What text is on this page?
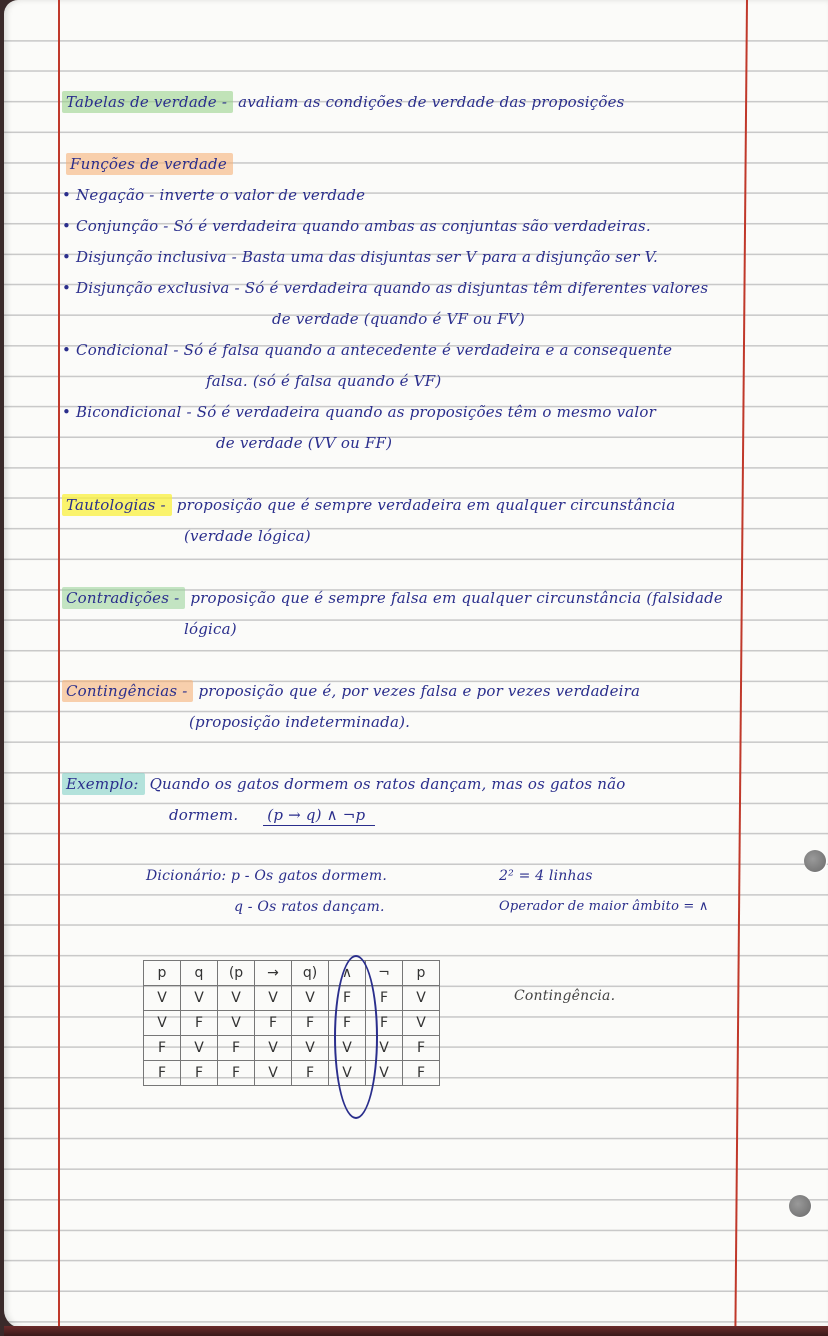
Tabelas de verdade - avaliam as condições de verdade das proposições
Funções de verdade
• Negação - inverte o valor de verdade
• Conjunção - Só é verdadeira quando ambas as conjuntas são verdadeiras.
• Disjunção inclusiva - Basta uma das disjuntas ser V para a disjunção ser V.
• Disjunção exclusiva - Só é verdadeira quando as disjuntas têm diferentes valores
de verdade (quando é VF ou FV)
• Condicional - Só é falsa quando a antecedente é verdadeira e a consequente
falsa. (só é falsa quando é VF)
• Bicondicional - Só é verdadeira quando as proposições têm o mesmo valor
de verdade (VV ou FF)
Tautologias - proposição que é sempre verdadeira em qualquer circunstância
(verdade lógica)
Contradições - proposição que é sempre falsa em qualquer circunstância (falsidade
lógica)
Contingências - proposição que é, por vezes falsa e por vezes verdadeira
(proposição indeterminada).
Exemplo: Quando os gatos dormem os ratos dançam, mas os gatos não
dormem. (p → q) ∧ ¬p
Dicionário: p - Os gatos dormem.
q - Os ratos dançam.
2² = 4 linhas
Operador de maior âmbito = ∧
p	q	(p	→	q)	∧	¬	p
V	V	V	V	V	F	F	V
V	F	V	F	F	F	F	V
F	V	F	V	V	V	V	F
F	F	F	V	F	V	V	F
Contingência.
